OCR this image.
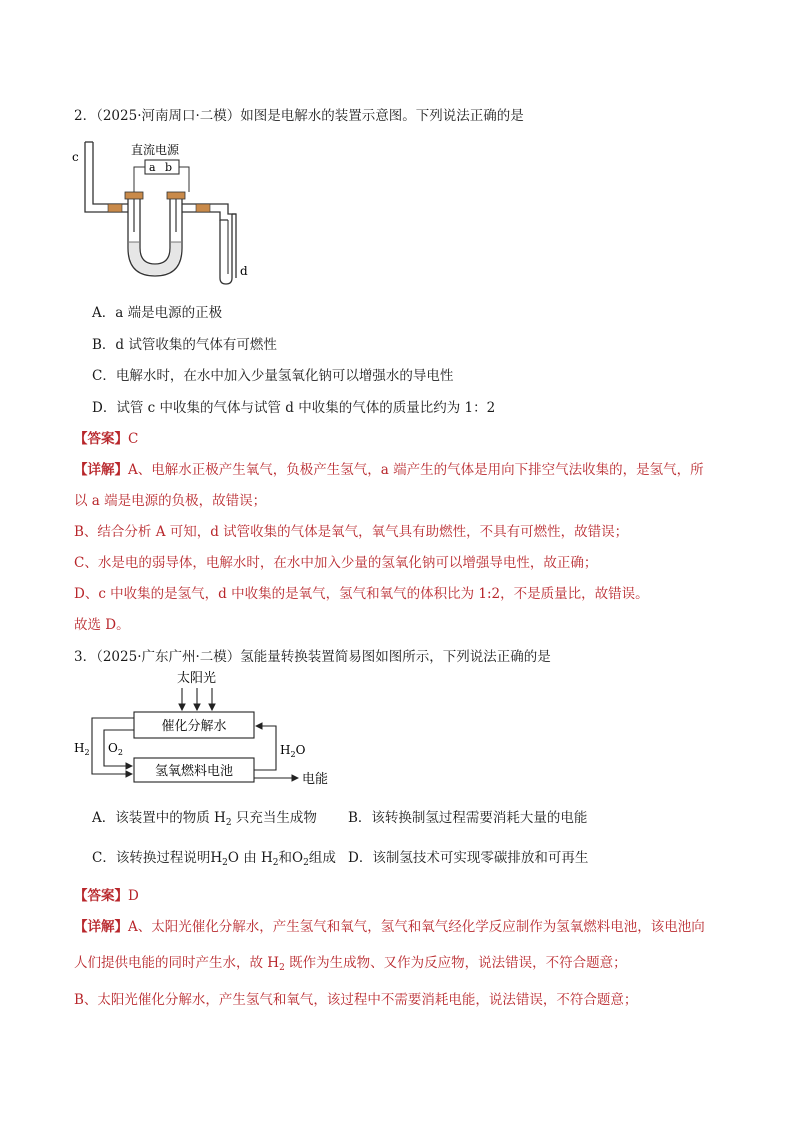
2．（2025·河南周口·二模）如图是电解水的装置示意图。下列说法正确的是
c	直流电源
a b
d
A．a 端是电源的正极
B．d 试管收集的气体有可燃性
C．电解水时，在水中加入少量氢氧化钠可以增强水的导电性
D．试管 c 中收集的气体与试管 d 中收集的气体的质量比约为 1：2
【答案】C
【详解】A、电解水正极产生氧气，负极产生氢气，a 端产生的气体是用向下排空气法收集的，是氢气，所
以 a 端是电源的负极，故错误；
B、结合分析 A 可知，d 试管收集的气体是氧气，氧气具有助燃性，不具有可燃性，故错误；
C、水是电的弱导体，电解水时，在水中加入少量的氢氧化钠可以增强导电性，故正确；
D、c 中收集的是氢气，d 中收集的是氧气，氢气和氧气的体积比为 1:2，不是质量比，故错误。
故选 D。
3．（2025·广东广州·二模）氢能量转换装置简易图如图所示，下列说法正确的是
太阳光
催化分解水
氢氧燃料电池
$H_2$ $O_2$	$H_2O$
电能
A．该装置中的物质 $H_2$ 只充当生成物 B．该转换制氢过程需要消耗大量的电能
C．该转换过程说明$H_2O$ 由 $H_2$和$O_2$组成 D．该制氢技术可实现零碳排放和可再生
【答案】D
【详解】A、太阳光催化分解水，产生氢气和氧气，氢气和氧气经化学反应制作为氢氧燃料电池，该电池向
人们提供电能的同时产生水，故 $H_2$ 既作为生成物、又作为反应物，说法错误，不符合题意；
B、太阳光催化分解水，产生氢气和氧气，该过程中不需要消耗电能，说法错误，不符合题意；
